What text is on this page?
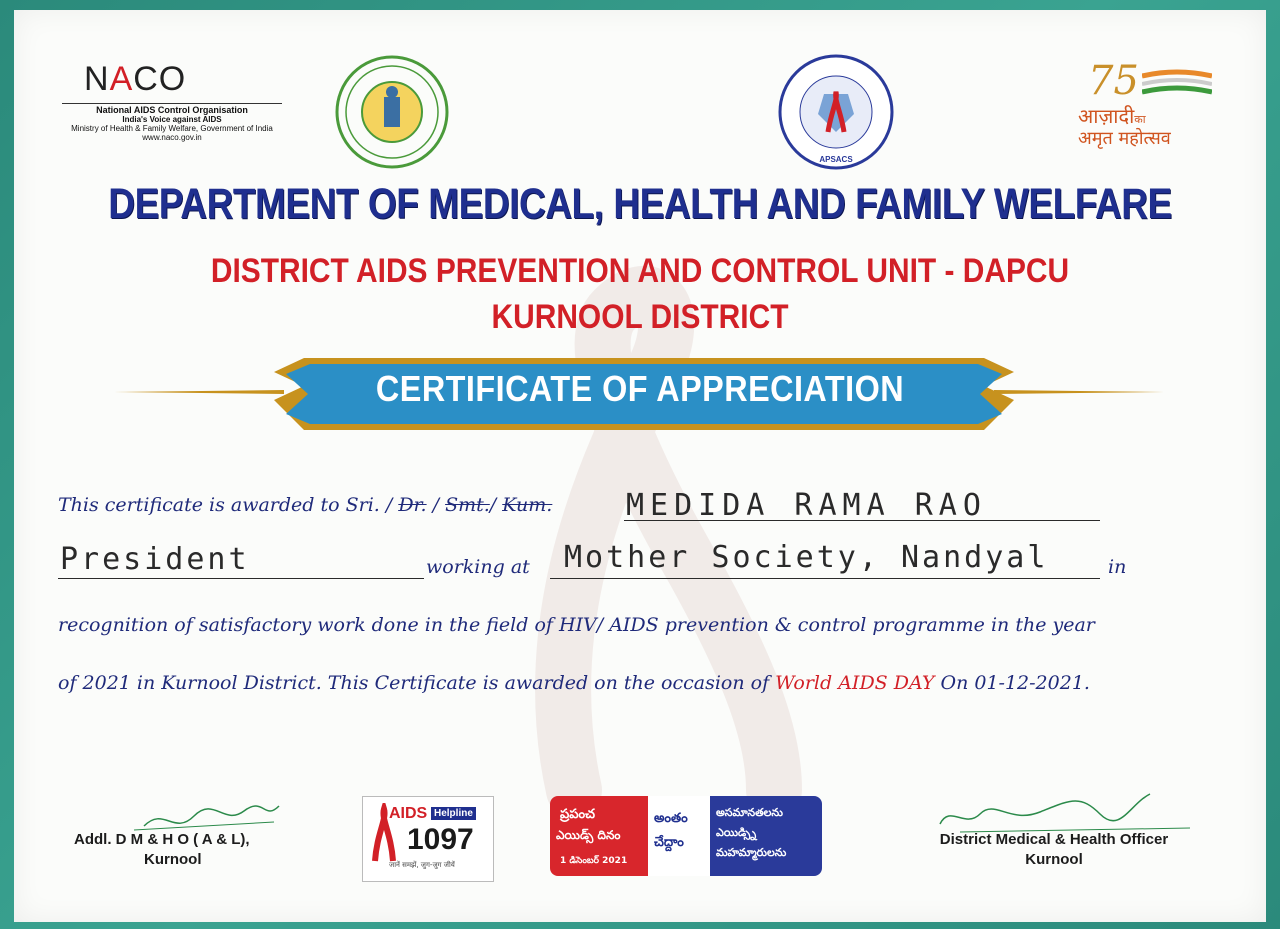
NACO
National AIDS Control Organisation
India's Voice against AIDS
Ministry of Health & Family Welfare, Government of India
www.naco.gov.in
APSACS
75
आज़ादीका
अमृत महोत्सव
DEPARTMENT OF MEDICAL, HEALTH AND FAMILY WELFARE
DISTRICT AIDS PREVENTION AND CONTROL UNIT - DAPCU
KURNOOL DISTRICT
CERTIFICATE OF APPRECIATION
This certificate is awarded to Sri. / Dr. / Smt./ Kum. MEDIDA RAMA RAO
President	working at Mother Society, Nandyal	in
recognition of satisfactory work done in the field of HIV/ AIDS prevention & control programme in the year
of 2021 in Kurnool District. This Certificate is awarded on the occasion of World AIDS DAY On 01-12-2021.
Addl. D M & H O ( A & L),
Kurnool
District Medical & Health Officer
Kurnool
AIDS Helpline
1097
जानें समझें, जुग-जुग जीयें
ప్రపంచ
ఎయిడ్స్ దినం
1 డిసెంబర్ 2021
అంతం
చేద్దాం
అసమానతలను
ఎయిడ్స్ని
మహమ్మారులను
